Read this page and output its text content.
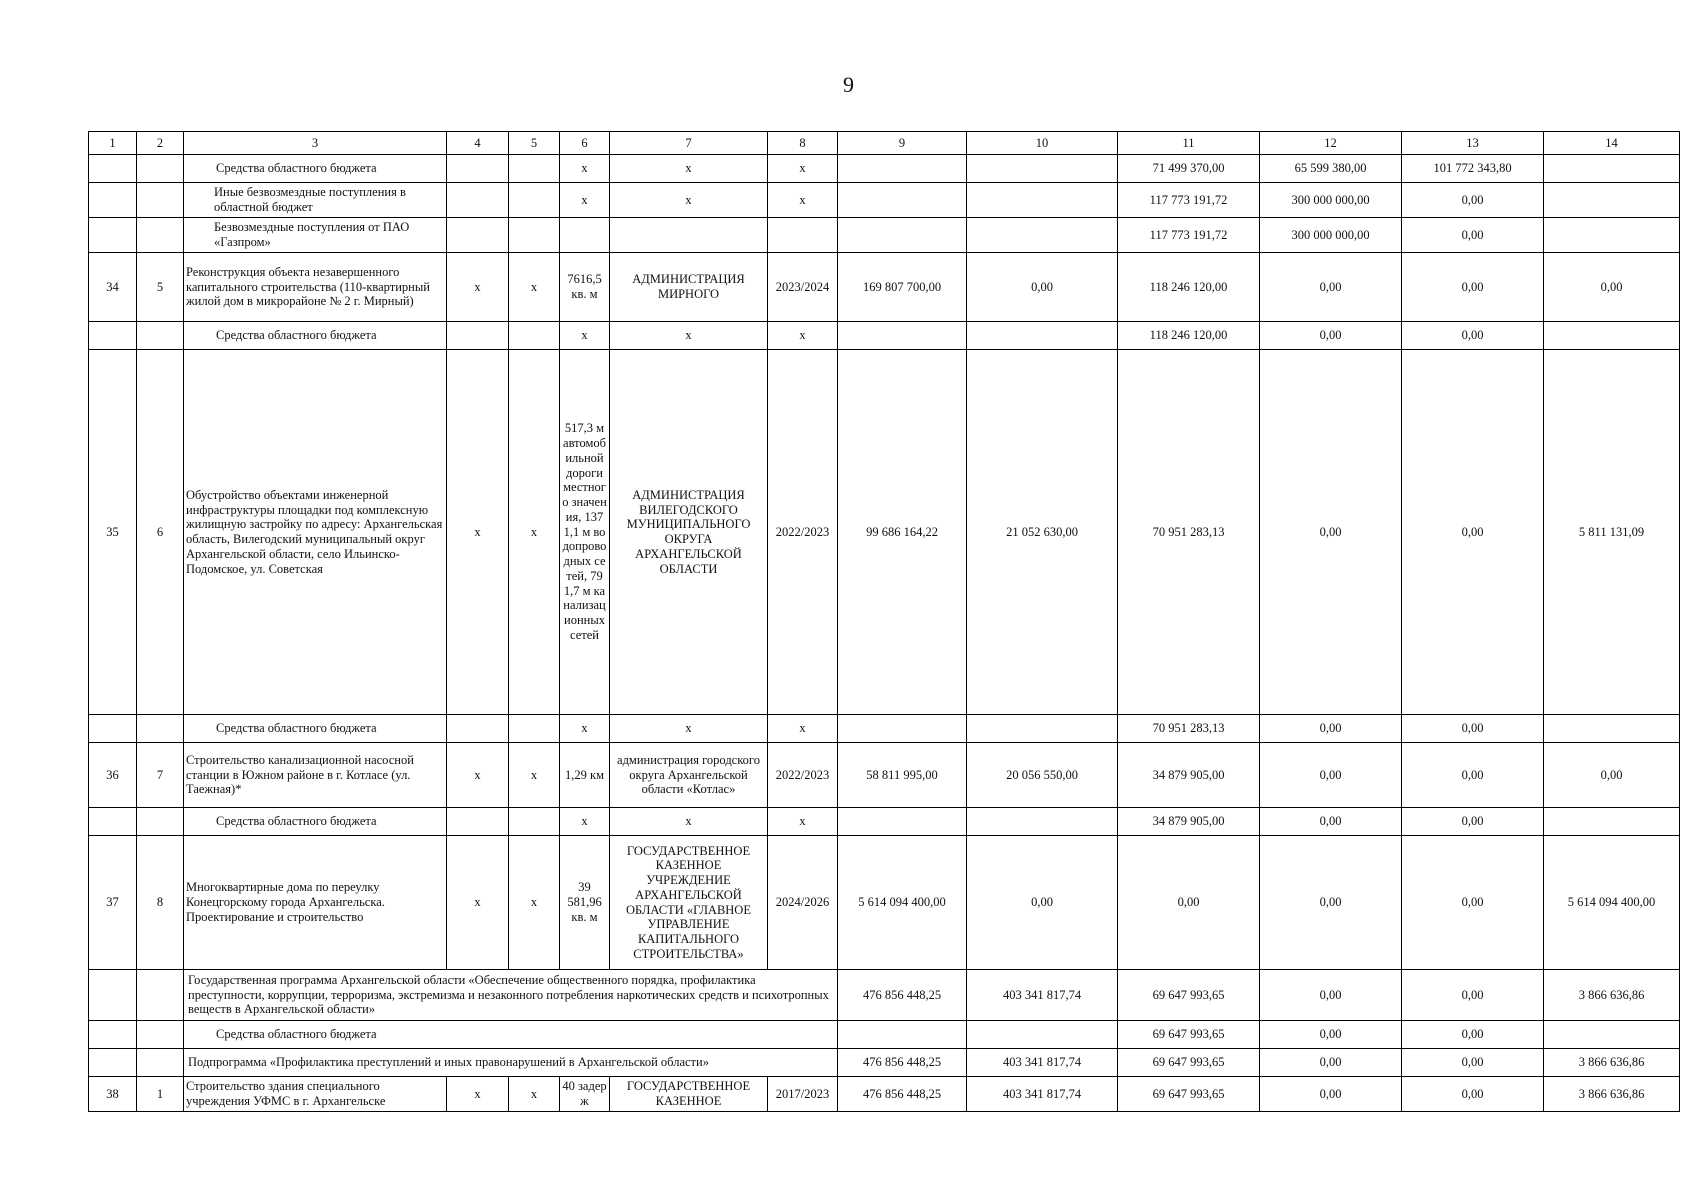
9
1	2	3	4	5	6	7	8	9	10	11	12	13	14
		Средства областного бюджета			х	х	х			71 499 370,00	65 599 380,00	101 772 343,80	
		Иные безвозмездные поступления в областной бюджет			х	х	х			117 773 191,72	300 000 000,00	0,00	
		Безвозмездные поступления от ПАО «Газпром»								117 773 191,72	300 000 000,00	0,00	
34	5	Реконструкция объекта незавершенного капитального строительства (110-квартирный жилой дом в микрорайоне № 2 г. Мирный)	х	х	7616,5 кв. м	АДМИНИСТРАЦИЯ МИРНОГО	2023/2024	169 807 700,00	0,00	118 246 120,00	0,00	0,00	0,00
		Средства областного бюджета			х	х	х			118 246 120,00	0,00	0,00	
35	6	Обустройство объектами инженерной инфраструктуры площадки под комплексную жилищную застройку по адресу: Архангельская область, Вилегодский муниципальный округ Архангельской области, село Ильинско-Подомское, ул. Советская	х	х	517,3 м автомобильной дороги местного значения, 1371,1 м водопроводных сетей, 791,7 м канализационных сетей	АДМИНИСТРАЦИЯ ВИЛЕГОДСКОГО МУНИЦИПАЛЬНОГО ОКРУГА АРХАНГЕЛЬСКОЙ ОБЛАСТИ	2022/2023	99 686 164,22	21 052 630,00	70 951 283,13	0,00	0,00	5 811 131,09
		Средства областного бюджета			х	х	х			70 951 283,13	0,00	0,00	
36	7	Строительство канализационной насосной станции в Южном районе в г. Котласе (ул. Таежная)*	х	х	1,29 км	администрация городского округа Архангельской области «Котлас»	2022/2023	58 811 995,00	20 056 550,00	34 879 905,00	0,00	0,00	0,00
		Средства областного бюджета			х	х	х			34 879 905,00	0,00	0,00	
37	8	Многоквартирные дома по переулку Конецгорскому города Архангельска. Проектирование и строительство	х	х	39 581,96 кв. м	ГОСУДАРСТВЕННОЕ КАЗЕННОЕ УЧРЕЖДЕНИЕ АРХАНГЕЛЬСКОЙ ОБЛАСТИ «ГЛАВНОЕ УПРАВЛЕНИЕ КАПИТАЛЬНОГО СТРОИТЕЛЬСТВА»	2024/2026	5 614 094 400,00	0,00	0,00	0,00	0,00	5 614 094 400,00
		Государственная программа Архангельской области «Обеспечение общественного порядка, профилактика преступности, коррупции, терроризма, экстремизма и незаконного потребления наркотических средств и психотропных веществ в Архангельской области»						476 856 448,25	403 341 817,74	69 647 993,65	0,00	0,00	3 866 636,86
		Средства областного бюджета								69 647 993,65	0,00	0,00	
		Подпрограмма «Профилактика преступлений и иных правонарушений в Архангельской области»						476 856 448,25	403 341 817,74	69 647 993,65	0,00	0,00	3 866 636,86
38	1	Строительство здания специального учреждения УФМС в г. Архангельске	х	х	40 задерж	ГОСУДАРСТВЕННОЕ КАЗЕННОЕ	2017/2023	476 856 448,25	403 341 817,74	69 647 993,65	0,00	0,00	3 866 636,86
